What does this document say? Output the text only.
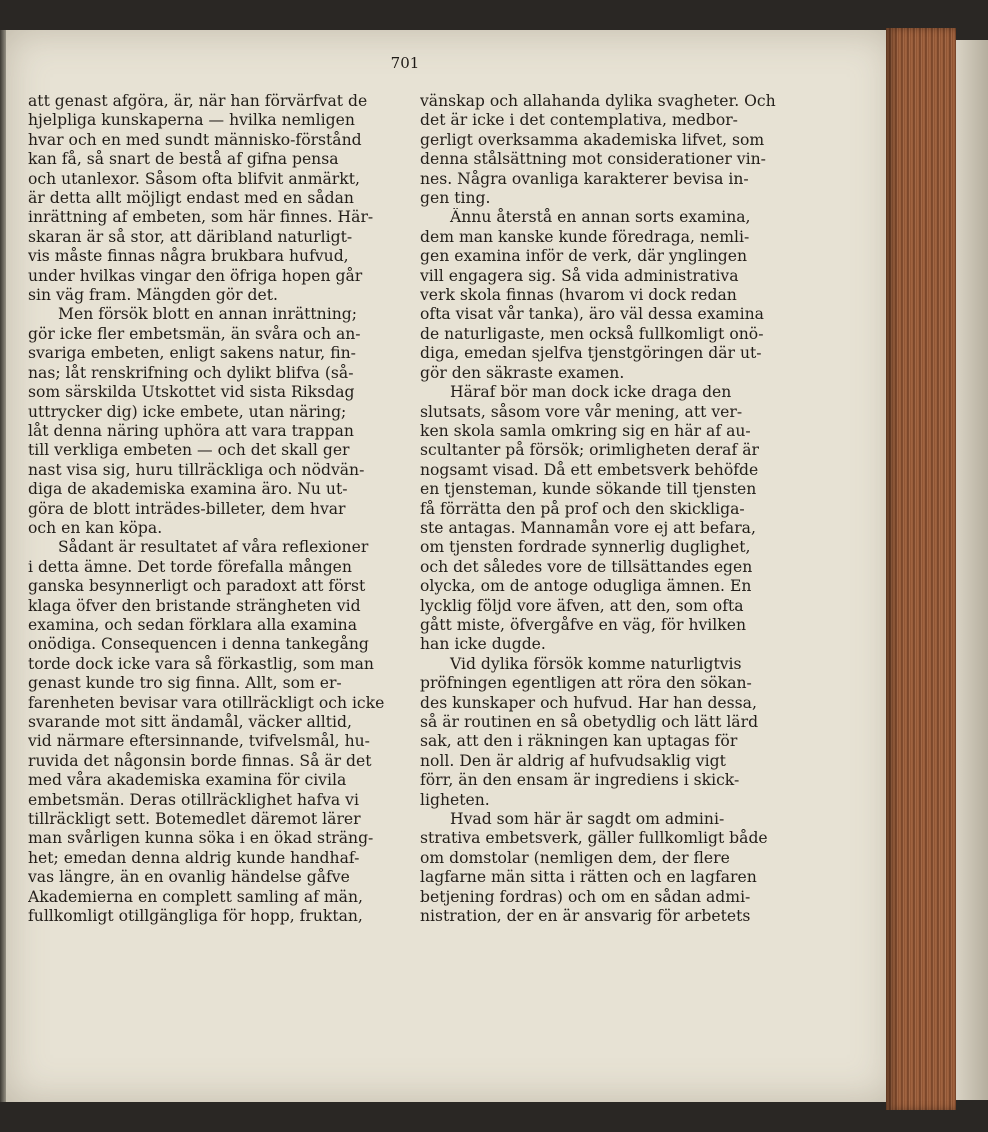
701
att genast afgöra, är, när han förvärfvat de
hjelpliga kunskaperna — hvilka nemligen
hvar och en med sundt människo-förstånd
kan få, så snart de bestå af gifna pensa
och utanlexor. Såsom ofta blifvit anmärkt,
är detta allt möjligt endast med en sådan
inrättning af embeten, som här finnes. Här-
skaran är så stor, att däribland naturligt-
vis måste finnas några brukbara hufvud,
under hvilkas vingar den öfriga hopen går
sin väg fram. Mängden gör det.
Men försök blott en annan inrättning;
gör icke fler embetsmän, än svåra och an-
svariga embeten, enligt sakens natur, fin-
nas; låt renskrifning och dylikt blifva (så-
som särskilda Utskottet vid sista Riksdag
uttrycker dig) icke embete, utan näring;
låt denna näring uphöra att vara trappan
till verkliga embeten — och det skall ger
nast visa sig, huru tillräckliga och nödvän-
diga de akademiska examina äro. Nu ut-
göra de blott inträdes-billeter, dem hvar
och en kan köpa.
Sådant är resultatet af våra reflexioner
i detta ämne. Det torde förefalla mången
ganska besynnerligt och paradoxt att först
klaga öfver den bristande strängheten vid
examina, och sedan förklara alla examina
onödiga. Consequencen i denna tankegång
torde dock icke vara så förkastlig, som man
genast kunde tro sig finna. Allt, som er-
farenheten bevisar vara otillräckligt och icke
svarande mot sitt ändamål, väcker alltid,
vid närmare eftersinnande, tvifvelsmål, hu-
ruvida det någonsin borde finnas. Så är det
med våra akademiska examina för civila
embetsmän. Deras otillräcklighet hafva vi
tillräckligt sett. Botemedlet däremot lärer
man svårligen kunna söka i en ökad sträng-
het; emedan denna aldrig kunde handhaf-
vas längre, än en ovanlig händelse gåfve
Akademierna en complett samling af män,
fullkomligt otillgängliga för hopp, fruktan,
vänskap och allahanda dylika svagheter. Och
det är icke i det contemplativa, medbor-
gerligt overksamma akademiska lifvet, som
denna stålsättning mot considerationer vin-
nes. Några ovanliga karakterer bevisa in-
gen ting.
Ännu återstå en annan sorts examina,
dem man kanske kunde föredraga, nemli-
gen examina inför de verk, där ynglingen
vill engagera sig. Så vida administrativa
verk skola finnas (hvarom vi dock redan
ofta visat vår tanka), äro väl dessa examina
de naturligaste, men också fullkomligt onö-
diga, emedan sjelfva tjenstgöringen där ut-
gör den säkraste examen.
Häraf bör man dock icke draga den
slutsats, såsom vore vår mening, att ver-
ken skola samla omkring sig en här af au-
scultanter på försök; orimligheten deraf är
nogsamt visad. Då ett embetsverk behöfde
en tjensteman, kunde sökande till tjensten
få förrätta den på prof och den skickliga-
ste antagas. Mannamån vore ej att befara,
om tjensten fordrade synnerlig duglighet,
och det således vore de tillsättandes egen
olycka, om de antoge odugliga ämnen. En
lycklig följd vore äfven, att den, som ofta
gått miste, öfvergåfve en väg, för hvilken
han icke dugde.
Vid dylika försök komme naturligtvis
pröfningen egentligen att röra den sökan-
des kunskaper och hufvud. Har han dessa,
så är routinen en så obetydlig och lätt lärd
sak, att den i räkningen kan uptagas för
noll. Den är aldrig af hufvudsaklig vigt
förr, än den ensam är ingrediens i skick-
ligheten.
Hvad som här är sagdt om admini-
strativa embetsverk, gäller fullkomligt både
om domstolar (nemligen dem, der flere
lagfarne män sitta i rätten och en lagfaren
betjening fordras) och om en sådan admi-
nistration, der en är ansvarig för arbetets
